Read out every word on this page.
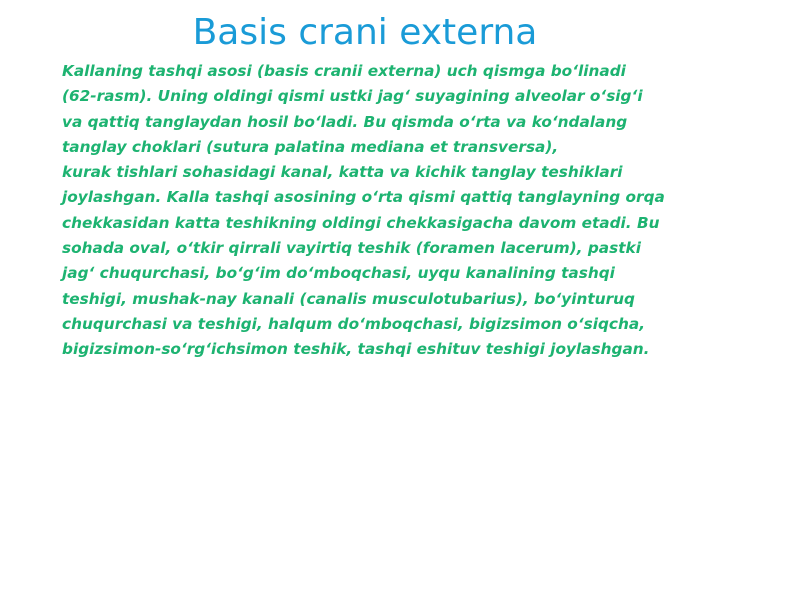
Basis crani externa
Kallaning tashqi asosi (basis cranii externa) uch qismga boʻlinadi
(62-rasm). Uning oldingi qismi ustki jagʻ suyagining alveolar oʻsigʻi
va qattiq tanglaydan hosil boʻladi. Bu qismda oʻrta va koʻndalang
tanglay choklari (sutura palatina mediana et transversa),
kurak tishlari sohasidagi kanal, katta va kichik tanglay teshiklari
joylashgan. Kalla tashqi asosining oʻrta qismi qattiq tanglayning orqa
chekkasidan katta teshikning oldingi chekkasigacha davom etadi. Bu
sohada oval, oʻtkir qirrali vayirtiq teshik (foramen lacerum), pastki
jagʻ chuqurchasi, boʻgʻim doʻmboqchasi, uyqu kanalining tashqi
teshigi, mushak-nay kanali (canalis musculotubarius), boʻyinturuq
chuqurchasi va teshigi, halqum doʻmboqchasi, bigizsimon oʻsiqcha,
bigizsimon-soʻrgʻichsimon teshik, tashqi eshituv teshigi joylashgan.
